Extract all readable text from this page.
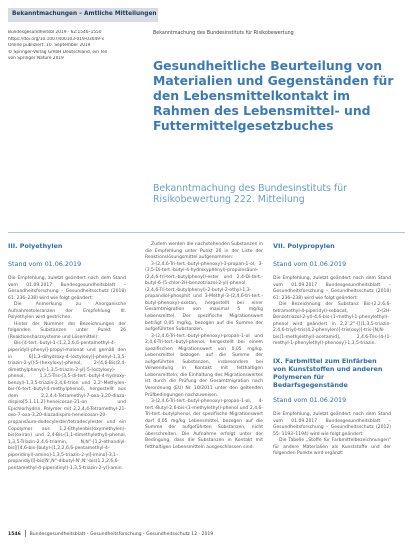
Bekanntmachungen – Amtliche Mitteilungen
Bundesgesundheitsbl 2019 · 62:1546–1550
https://doi.org/10.1007/s00103-019-03049-x
Online publiziert: 10. September 2019
© Springer-Verlag GmbH Deutschland, ein Teil
von Springer Nature 2019
Bekanntmachung des Bundesinstituts für Risikobewertung
Gesundheitliche Beurteilung von Materialien und Gegenständen für den Lebensmittelkontakt im Rahmen des Lebensmittel- und Futtermittelgesetzbuches
Bekanntmachung des Bundesinstituts für Risikobewertung 222. Mitteilung
III. Polyethylen
Stand vom 01.06.2019

Die Empfehlung, zuletzt geändert nach dem Stand vom 01.09.2017 Bundesgesundheitsblatt – Gesundheitsforschung – Gesundheitsschutz (2018) 61: 236–238) wird wie folgt geändert:

Die Anmerkung zu Anorganische Aufnahmetoleranzen der Empfehlung III. Polyethylen wird gestrichen.

Hinter der Nummer der Bezeichnungen der folgenden Substanzen unter Punkt 26 (Reaktionsharzsysteme und Lösemittel):

Bis-[4-tert.-butyl-1-(1,2,2,6,6-pentamethyl-4-piperidyl)-phenyl]-propyl-malonat und gemäß den in 6[1,3-dihydroxy-4-(octyloxy)]-phenyl-1,3,5-triazin-2-yl]-5-(hexyloxy)-phenol, 2-[4,6-Bis(2,4-dimethylphenyl)-1,3,5-triazin-2-yl]-5-(octyloxy)-phenol, 1,3,5-Tris-(3,5-di-tert.-butyl-4-hydroxy-benzyl)-1,3,5-triazin-2,4,6-trion und 2,2'-Methylen-bis-(6-tert.-butyl-4-methylphenol), hergestellt aus dem 2,2,4,4-Tetramethyl-7-oxa-3,20-diaza-dispiro[5.1.11.2]-heneicosan-21-on und Epichlorhydrin, Polymer mit 2,2,4,4-Tetramethyl-21-oxo-7-oxa-3,20-diazadispiro-heneicosan-20-propansäure-dodecylester/tetradecylester und ein Copolymer aus 1,2-Ethylenbis(oxymethylen)-bis(oxiran) und 2,4-Bis-(1,1-dimethylethyl)-phenol, 1,3,5-Triazin-2,4,6-triamin, N,N''-[1,2-ethandiyl-bis[[[4,6-bis-[butyl-(1,2,2,6,6-pentamethyl-4-piperidinyl)-amino]-1,3,5-triazin-2-yl]-imino]-3,1-propandiyl]]-bis[N',N''-dibutyl-N',N''-bis(1,2,2,6,6-pentamethyl-4-piperidinyl)-1,3,5-triazin-2-yl]-amin.

Zudem werden die nachstehenden Substanzen in die Empfehlung unter Punkt 26 in der Liste der Reaktionslösungsmittel aufgenommen:

3-(2,4,6-Tri-tert.-butyl-phenoxy)-1-propan-1-ol, 3-(3,5-Di-tert.-butyl-4-hydroxyphenyl)-propionsäure-(2,4,6-tri-tert.-butylphenyl)-ester und 2,4-Di-tert.-butyl-6-(5-chlor-2H-benzotriazol-2-yl)-phenol, (2,4,6-Tri-tert.-butylphenyl)-2-butyl-2-ethyl-1,3-propandiol-phosphit und 3-Methyl-3-(2,4,6-tri-tert.-butyl-phenoxy)-oxetan, hergestellt bei einer Gesamtmigration von maximal 5 mg/kg Lebensmittel. Der spezifische Migrationswert beträgt 0,05 mg/kg, bezogen auf die Summe der aufgeführten Substanzen.

3-(2,4,6-Tri-tert.-butyl-phenoxy)-propan-1-ol und 2,4,6-Tri-tert.-butyl-phenol, hergestellt bei einem spezifischen Migrationswert von 0,05 mg/kg. Lebensmittel bezogen auf die Summe der aufgeführten Substanzen, insbesondere bei Verwendung in Kontakt mit fetthaltigen Lebensmitteln; die Einhaltung des Migrationswertes ist durch die Prüfung der Gesamtmigration nach Verordnung (EU) Nr. 10/2011 unter den geltenden Prüfbedingungen nachzuweisen.

3-(2,4,6-Tri-tert.-butyl-phenoxy)-propan-1-ol, 4-tert.-Butyl-2,6-bis-(1-methylethyl)-phenol und 2,4,6-Tri-tert.-butylphenol, der spezifische Migrationswert darf 0,05 mg/kg Lebensmittel, bezogen auf die Summe der aufgeführten Substanzen, nicht überschreiten. Die Aufnahme erfolgt unter der Bedingung, dass die Substanzen in Kontakt mit fetthaltigen Lebensmitteln ausgeschlossen sind.

VII. Polypropylen
Stand vom 01.06.2019

Die Empfehlung, zuletzt geändert nach dem Stand vom 01.09.2017 Bundesgesundheitsblatt – Gesundheitsforschung – Gesundheitsschutz (2018) 61: 236–238) wird wie folgt geändert:

Die Bezeichnung der Substanz Bis-(2,2,6,6-tetramethyl-4-piperidyl)-sebacat, 2-(2H-Benzotriazol-2-yl)-4,6-bis-(1-methyl-1-phenylethyl)-phenol wird geändert in 2,2',2''-[[(1,3,5-triazin-2,4,6-triyl)-tris(4,2-phenylen)]-tris(oxy)]-tris-[N,N-bis(1-methylethyl)-acetamid], 2,4,6-Tris-[4-(1-methyl-1-phenylethyl)-phenoxy]-1,3,5-triazin.

IX. Farbmittel zum Einfärben von Kunststoffen und anderen Polymeren für Bedarfsgegenstände
Stand vom 01.06.2019

Die Empfehlung, zuletzt geändert nach dem Stand vom 01.09.2017 Bundesgesundheitsblatt – Gesundheitsforschung – Gesundheitsschutz (2012) 55: 1193–1194) wird wie folgt geändert:

Die Tabelle „Stoffe für Farbmittelbezeichnungen“ für andere Materialien als Kunststoffe und der folgenden Punkte wird ergänzt:

1546 Bundesgesundheitsblatt - Gesundheitsforschung - Gesundheitsschutz 12 · 2019
